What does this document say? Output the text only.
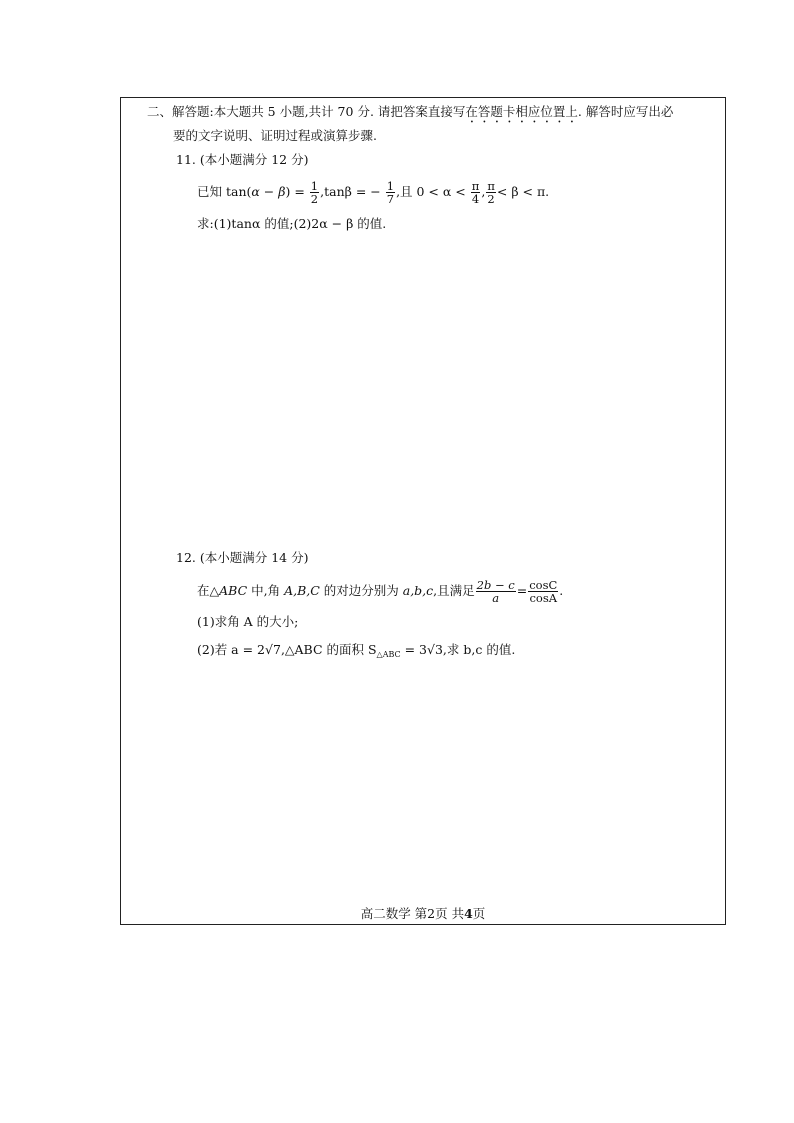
二、解答题:本大题共 5 小题,共计 70 分. 请把答案直接写在答题卡相应位置上. 解答时应写出必
要的文字说明、证明过程或演算步骤.
11. (本小题满分 12 分)
已知 $\tan(\alpha - \beta) = \frac{1}{2} ,\tan\beta$ = − $\frac{1}{7}$ ,且 $0 < \alpha < \frac{\pi}{4}$ , $\frac{\pi}{2} < \beta < \pi$.
求:(1)tanα 的值;(2)2α − β 的值.
12. (本小题满分 14 分)
在△ABC 中,角 A,B,C 的对边分别为 a,b,c,且满足 $\frac{2b - c}{a} = \frac{\cos C}{\cos A}$ .
(1)求角 A 的大小;
(2)若 a = 2√7,△ABC 的面积 $S_{\triangle ABC} = 3√3$,求 b,c 的值.
高二数学 第2页 共4页
